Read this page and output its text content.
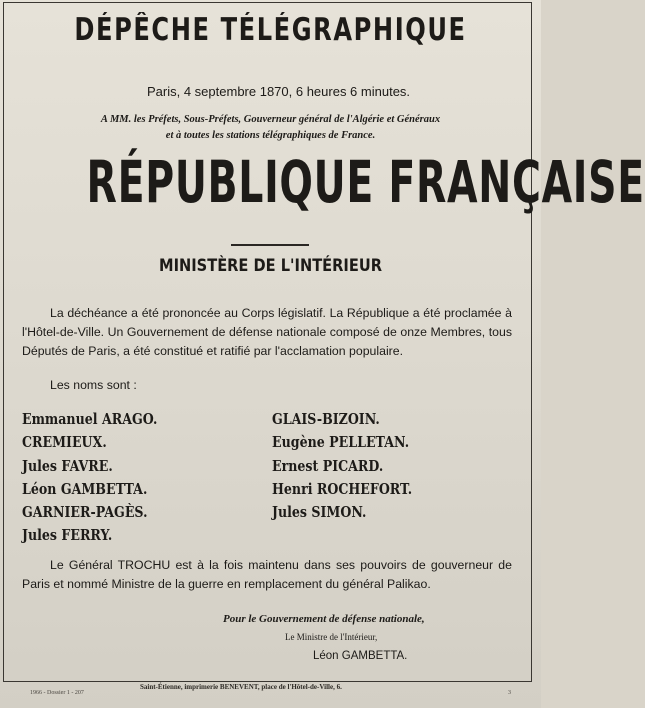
DÉPÊCHE TÉLÉGRAPHIQUE
Paris, 4 septembre 1870, 6 heures 6 minutes.
A MM. les Préfets, Sous-Préfets, Gouverneur général de l'Algérie et Généraux
et à toutes les stations télégraphiques de France.
RÉPUBLIQUE FRANÇAISE
MINISTÈRE DE L'INTÉRIEUR
La déchéance a été prononcée au Corps législatif. La République a été proclamée à l'Hôtel-de-Ville. Un Gouvernement de défense nationale composé de onze Membres, tous Députés de Paris, a été constitué et ratifié par l'acclamation populaire.
Les noms sont :
Emmanuel ARAGO.
CREMIEUX.
Jules FAVRE.
Léon GAMBETTA.
GARNIER-PAGÈS.
Jules FERRY.
GLAIS-BIZOIN.
Eugène PELLETAN.
Ernest PICARD.
Henri ROCHEFORT.
Jules SIMON.
Le Général TROCHU est à la fois maintenu dans ses pouvoirs de gouverneur de Paris et nommé Ministre de la guerre en remplacement du général Palikao.
Pour le Gouvernement de défense nationale,
Le Ministre de l'Intérieur,
Léon GAMBETTA.
1966 - Dossier 1 - 207
Saint-Étienne, imprimerie BENEVENT, place de l'Hôtel-de-Ville, 6.
3
